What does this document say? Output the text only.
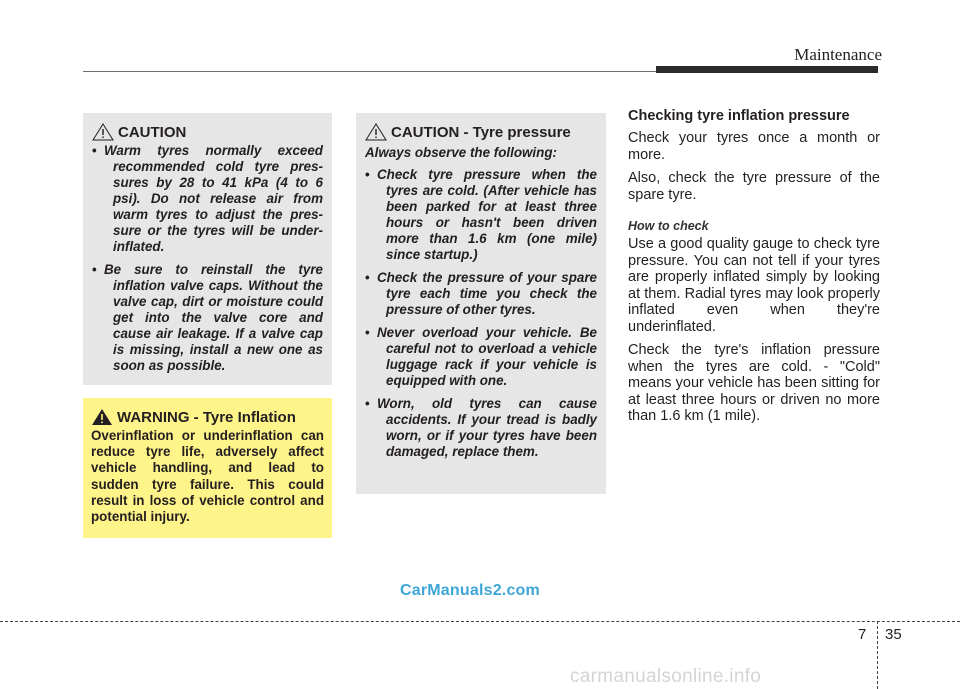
Maintenance
CAUTION
• Warm tyres normally exceed recommended cold tyre pres-sures by 28 to 41 kPa (4 to 6 psi). Do not release air from warm tyres to adjust the pres-sure or the tyres will be under-inflated.
• Be sure to reinstall the tyre inflation valve caps. Without the valve cap, dirt or moisture could get into the valve core and cause air leakage. If a valve cap is missing, install a new one as soon as possible.
WARNING - Tyre Inflation

Overinflation or underinflation can reduce tyre life, adversely affect vehicle handling, and lead to sudden tyre failure. This could result in loss of vehicle control and potential injury.

CAUTION - Tyre pressure

Always observe the following:

• Check tyre pressure when the tyres are cold. (After vehicle has been parked for at least three hours or hasn't been driven more than 1.6 km (one mile) since startup.)
• Check the pressure of your spare tyre each time you check the pressure of other tyres.
• Never overload your vehicle. Be careful not to overload a vehicle luggage rack if your vehicle is equipped with one.
• Worn, old tyres can cause accidents. If your tread is badly worn, or if your tyres have been damaged, replace them.

Checking tyre inflation pressure

Check your tyres once a month or more.

Also, check the tyre pressure of the spare tyre.

How to check

Use a good quality gauge to check tyre pressure. You can not tell if your tyres are properly inflated simply by looking at them. Radial tyres may look properly inflated even when they're underinflated.

Check the tyre's inflation pressure when the tyres are cold. - "Cold" means your vehicle has been sitting for at least three hours or driven no more than 1.6 km (1 mile).

CarManuals2.com
7 35
carmanualsonline.info
